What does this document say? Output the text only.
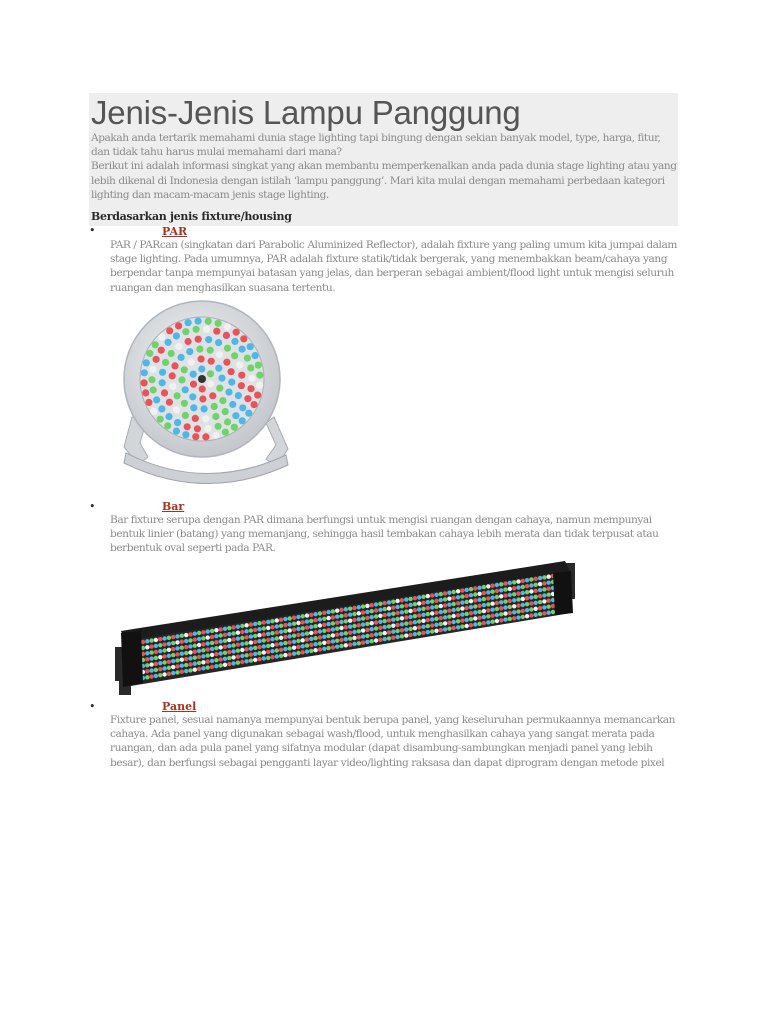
Jenis-Jenis Lampu Panggung

Apakah anda tertarik memahami dunia stage lighting tapi bingung dengan sekian banyak model, type, harga, fitur, dan tidak tahu harus mulai memahami dari mana?

Berikut ini adalah informasi singkat yang akan membantu memperkenalkan anda pada dunia stage lighting atau yang lebih dikenal di Indonesia dengan istilah ‘lampu panggung’. Mari kita mulai dengan memahami perbedaan kategori lighting dan macam-macam jenis stage lighting.

Berdasarkan jenis fixture/housing
•	PAR

PAR / PARcan (singkatan dari Parabolic Aluminized Reflector), adalah fixture yang paling umum kita jumpai dalam stage lighting. Pada umumnya, PAR adalah fixture statik/tidak bergerak, yang menembakkan beam/cahaya yang berpendar tanpa mempunyai batasan yang jelas, dan berperan sebagai ambient/flood light untuk mengisi seluruh ruangan dan menghasilkan suasana tertentu.

•	Bar

Bar fixture serupa dengan PAR dimana berfungsi untuk mengisi ruangan dengan cahaya, namun mempunyai bentuk linier (batang) yang memanjang, sehingga hasil tembakan cahaya lebih merata dan tidak terpusat atau berbentuk oval seperti pada PAR.

•	Panel

Fixture panel, sesuai namanya mempunyai bentuk berupa panel, yang keseluruhan permukaannya memancarkan cahaya. Ada panel yang digunakan sebagai wash/flood, untuk menghasilkan cahaya yang sangat merata pada ruangan, dan ada pula panel yang sifatnya modular (dapat disambung-sambungkan menjadi panel yang lebih besar), dan berfungsi sebagai pengganti layar video/lighting raksasa dan dapat diprogram dengan metode pixel
